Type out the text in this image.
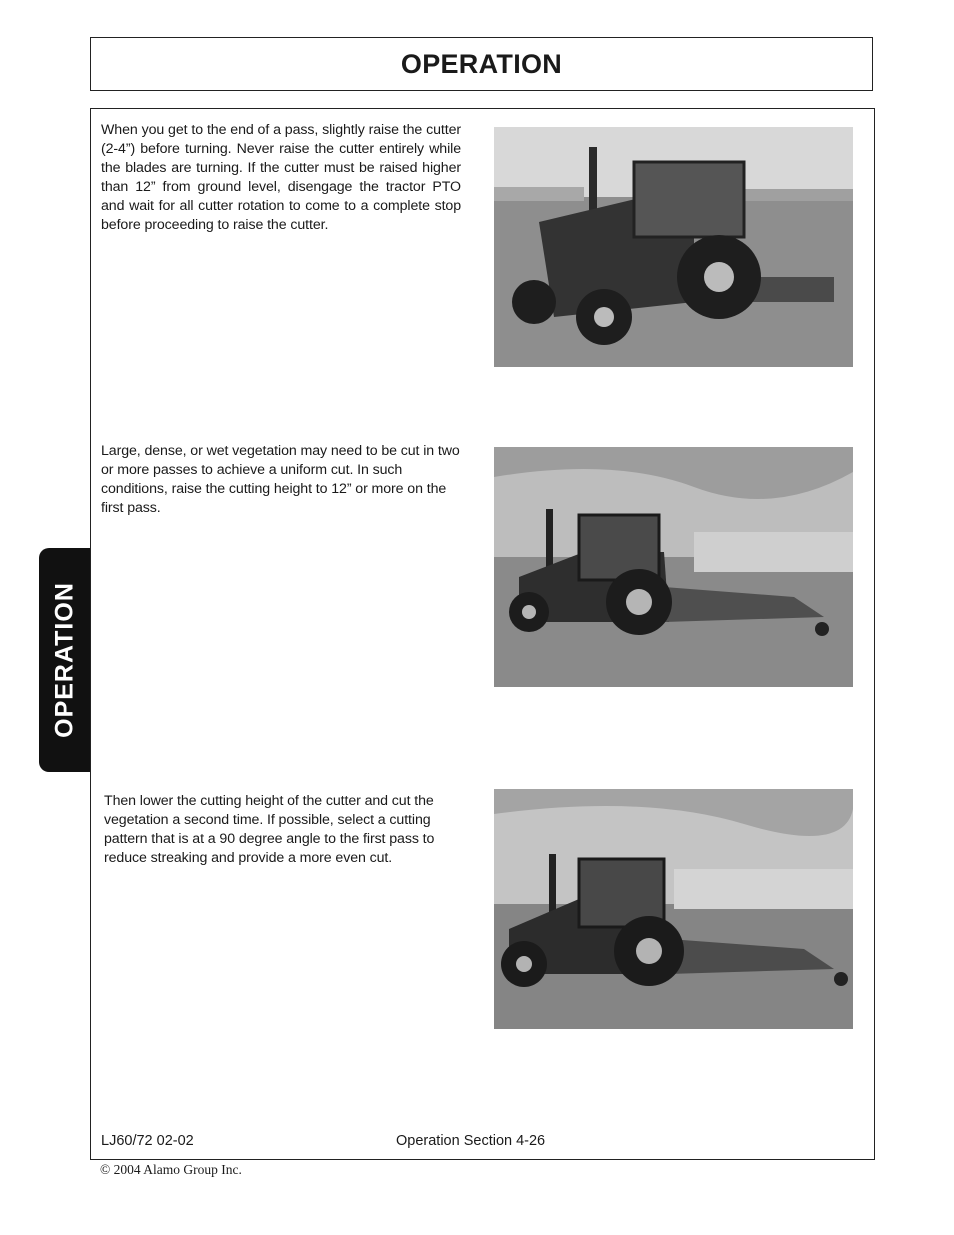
OPERATION
OPERATION

When you get to the end of a pass, slightly raise the cutter (2-4”) before turning. Never raise the cutter entirely while the blades are turning. If the cutter must be raised higher than 12” from ground level, disengage the tractor PTO and wait for all cutter rotation to come to a complete stop before proceeding to raise the cutter.

Large, dense, or wet vegetation may need to be cut in two or more passes to achieve a uniform cut. In such conditions, raise the cutting height to 12” or more on the first pass.

Then lower the cutting height of the cutter and cut the vegetation a second time. If possible, select a cutting pattern that is at a 90 degree angle to the first pass to reduce streaking and provide a more even cut.

LJ60/72 02-02	Operation Section 4-26
© 2004 Alamo Group Inc.
